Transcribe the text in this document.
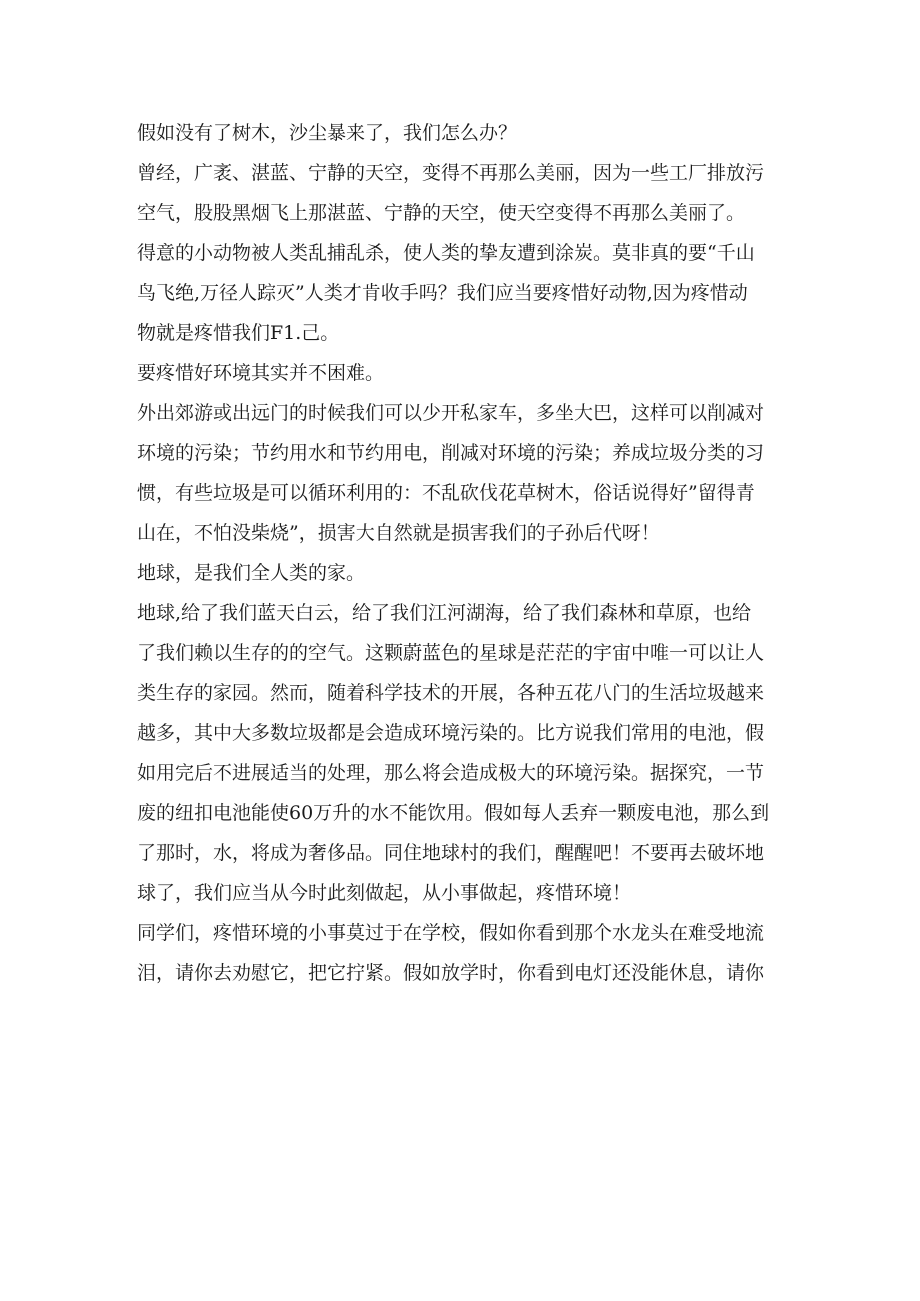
假如没有了树木，沙尘暴来了，我们怎么办？
曾经，广袤、湛蓝、宁静的天空，变得不再那么美丽，因为一些工厂排放污
空气，股股黑烟飞上那湛蓝、宁静的天空，使天空变得不再那么美丽了。
得意的小动物被人类乱捕乱杀，使人类的挚友遭到涂炭。莫非真的要“千山
鸟飞绝,万径人踪灭”人类才肯收手吗？我们应当要疼惜好动物,因为疼惜动
物就是疼惜我们F1.己。
要疼惜好环境其实并不困难。
外出郊游或出远门的时候我们可以少开私家车，多坐大巴，这样可以削减对
环境的污染；节约用水和节约用电，削减对环境的污染；养成垃圾分类的习
惯，有些垃圾是可以循环利用的：不乱砍伐花草树木，俗话说得好”留得青
山在，不怕没柴烧”，损害大自然就是损害我们的子孙后代呀！
地球，是我们全人类的家。
地球,给了我们蓝天白云，给了我们江河湖海，给了我们森林和草原，也给
了我们赖以生存的的空气。这颗蔚蓝色的星球是茫茫的宇宙中唯一可以让人
类生存的家园。然而，随着科学技术的开展，各种五花八门的生活垃圾越来
越多，其中大多数垃圾都是会造成环境污染的。比方说我们常用的电池，假
如用完后不进展适当的处理，那么将会造成极大的环境污染。据探究，一节
废的纽扣电池能使60万升的水不能饮用。假如每人丢弃一颗废电池，那么到
了那时，水，将成为奢侈品。同住地球村的我们，醒醒吧！不要再去破坏地
球了，我们应当从今时此刻做起，从小事做起，疼惜环境！
同学们，疼惜环境的小事莫过于在学校，假如你看到那个水龙头在难受地流
泪，请你去劝慰它，把它拧紧。假如放学时，你看到电灯还没能休息，请你
